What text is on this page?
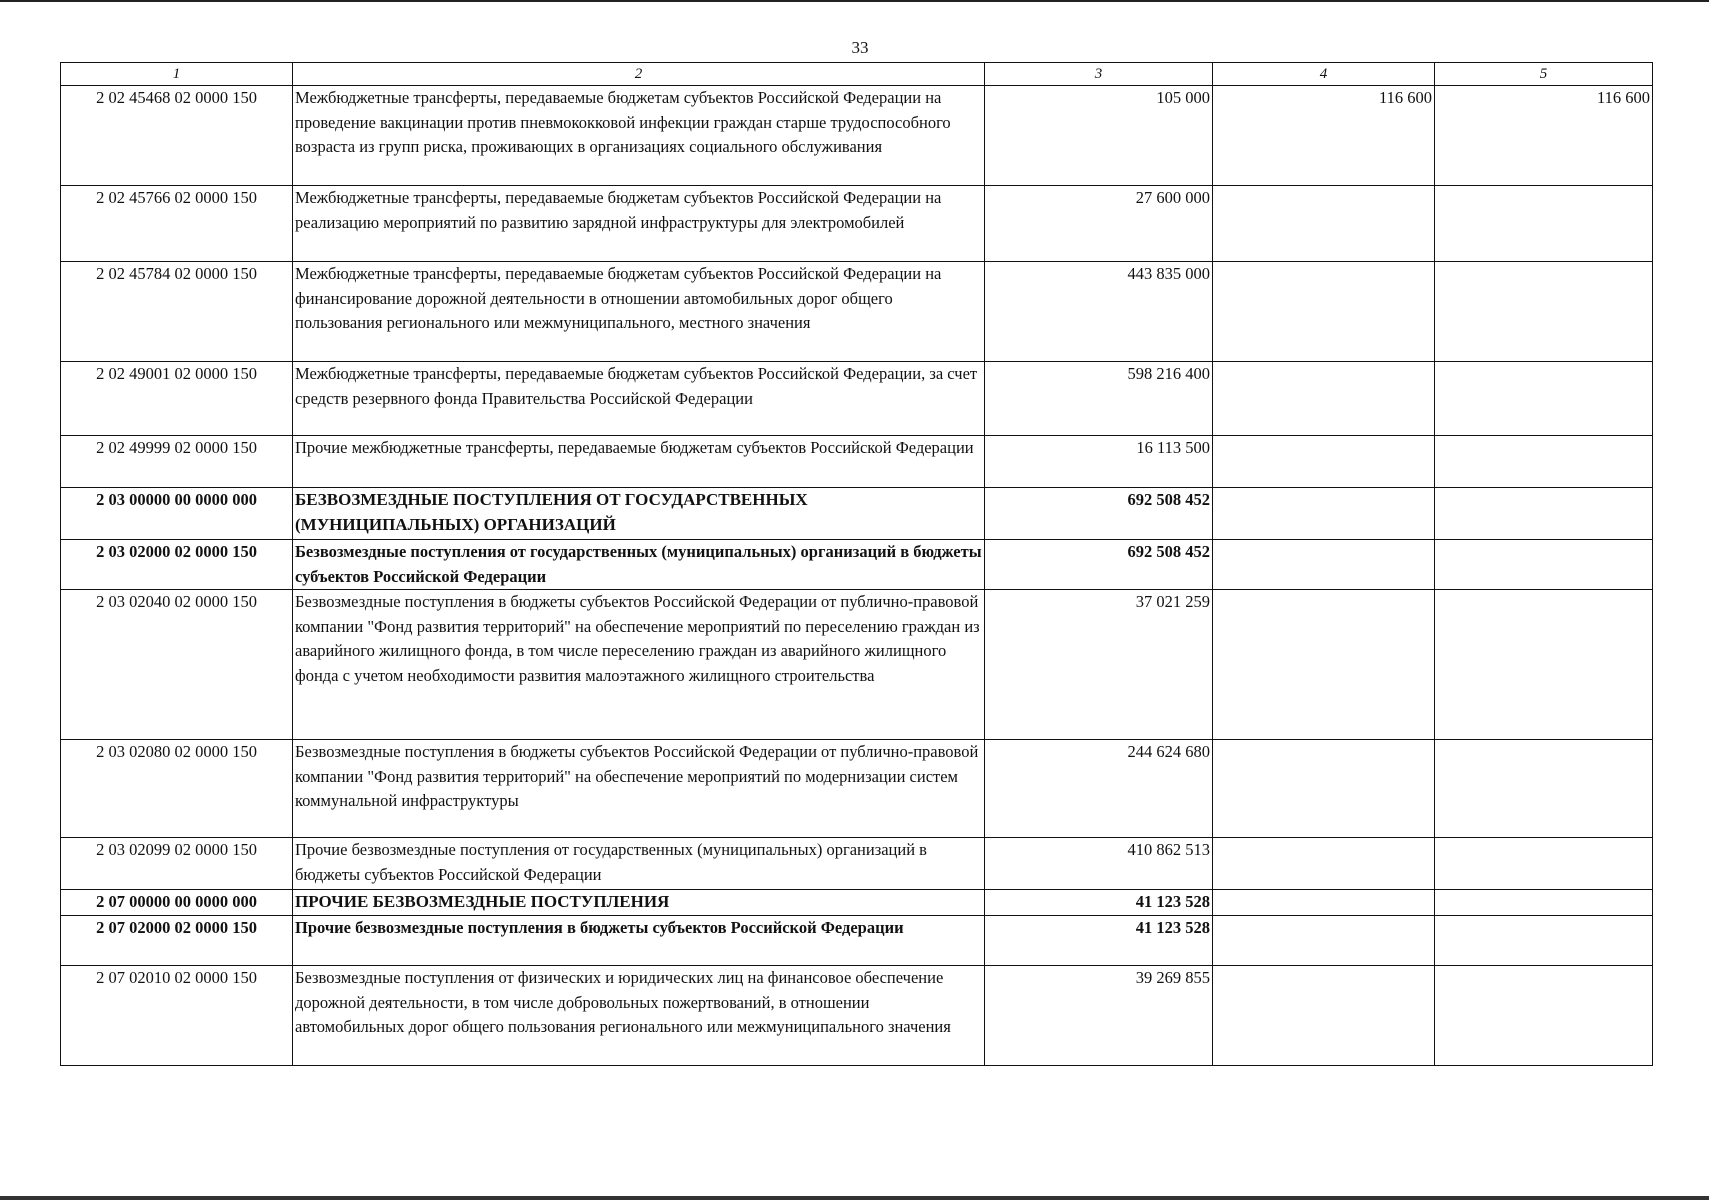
33
1	2	3	4	5
2 02 45468 02 0000 150	Межбюджетные трансферты, передаваемые бюджетам субъектов Российской Федерации на проведение вакцинации против пневмококковой инфекции граждан старше трудоспособного возраста из групп риска, проживающих в организациях социального обслуживания	105 000	116 600	116 600
2 02 45766 02 0000 150	Межбюджетные трансферты, передаваемые бюджетам субъектов Российской Федерации на реализацию мероприятий по развитию зарядной инфраструктуры для электромобилей	27 600 000		
2 02 45784 02 0000 150	Межбюджетные трансферты, передаваемые бюджетам субъектов Российской Федерации на финансирование дорожной деятельности в отношении автомобильных дорог общего пользования регионального или межмуниципального, местного значения	443 835 000		
2 02 49001 02 0000 150	Межбюджетные трансферты, передаваемые бюджетам субъектов Российской Федерации, за счет средств резервного фонда Правительства Российской Федерации	598 216 400		
2 02 49999 02 0000 150	Прочие межбюджетные трансферты, передаваемые бюджетам субъектов Российской Федерации	16 113 500		
2 03 00000 00 0000 000	БЕЗВОЗМЕЗДНЫЕ ПОСТУПЛЕНИЯ ОТ ГОСУДАРСТВЕННЫХ (МУНИЦИПАЛЬНЫХ) ОРГАНИЗАЦИЙ	692 508 452		
2 03 02000 02 0000 150	Безвозмездные поступления от государственных (муниципальных) организаций в бюджеты субъектов Российской Федерации	692 508 452		
2 03 02040 02 0000 150	Безвозмездные поступления в бюджеты субъектов Российской Федерации от публично-правовой компании "Фонд развития территорий" на обеспечение мероприятий по переселению граждан из аварийного жилищного фонда, в том числе переселению граждан из аварийного жилищного фонда с учетом необходимости развития малоэтажного жилищного строительства	37 021 259		
2 03 02080 02 0000 150	Безвозмездные поступления в бюджеты субъектов Российской Федерации от публично-правовой компании "Фонд развития территорий" на обеспечение мероприятий по модернизации систем коммунальной инфраструктуры	244 624 680		
2 03 02099 02 0000 150	Прочие безвозмездные поступления от государственных (муниципальных) организаций в бюджеты субъектов Российской Федерации	410 862 513		
2 07 00000 00 0000 000	ПРОЧИЕ БЕЗВОЗМЕЗДНЫЕ ПОСТУПЛЕНИЯ	41 123 528		
2 07 02000 02 0000 150	Прочие безвозмездные поступления в бюджеты субъектов Российской Федерации	41 123 528		
2 07 02010 02 0000 150	Безвозмездные поступления от физических и юридических лиц на финансовое обеспечение дорожной деятельности, в том числе добровольных пожертвований, в отношении автомобильных дорог общего пользования регионального или межмуниципального значения	39 269 855		
